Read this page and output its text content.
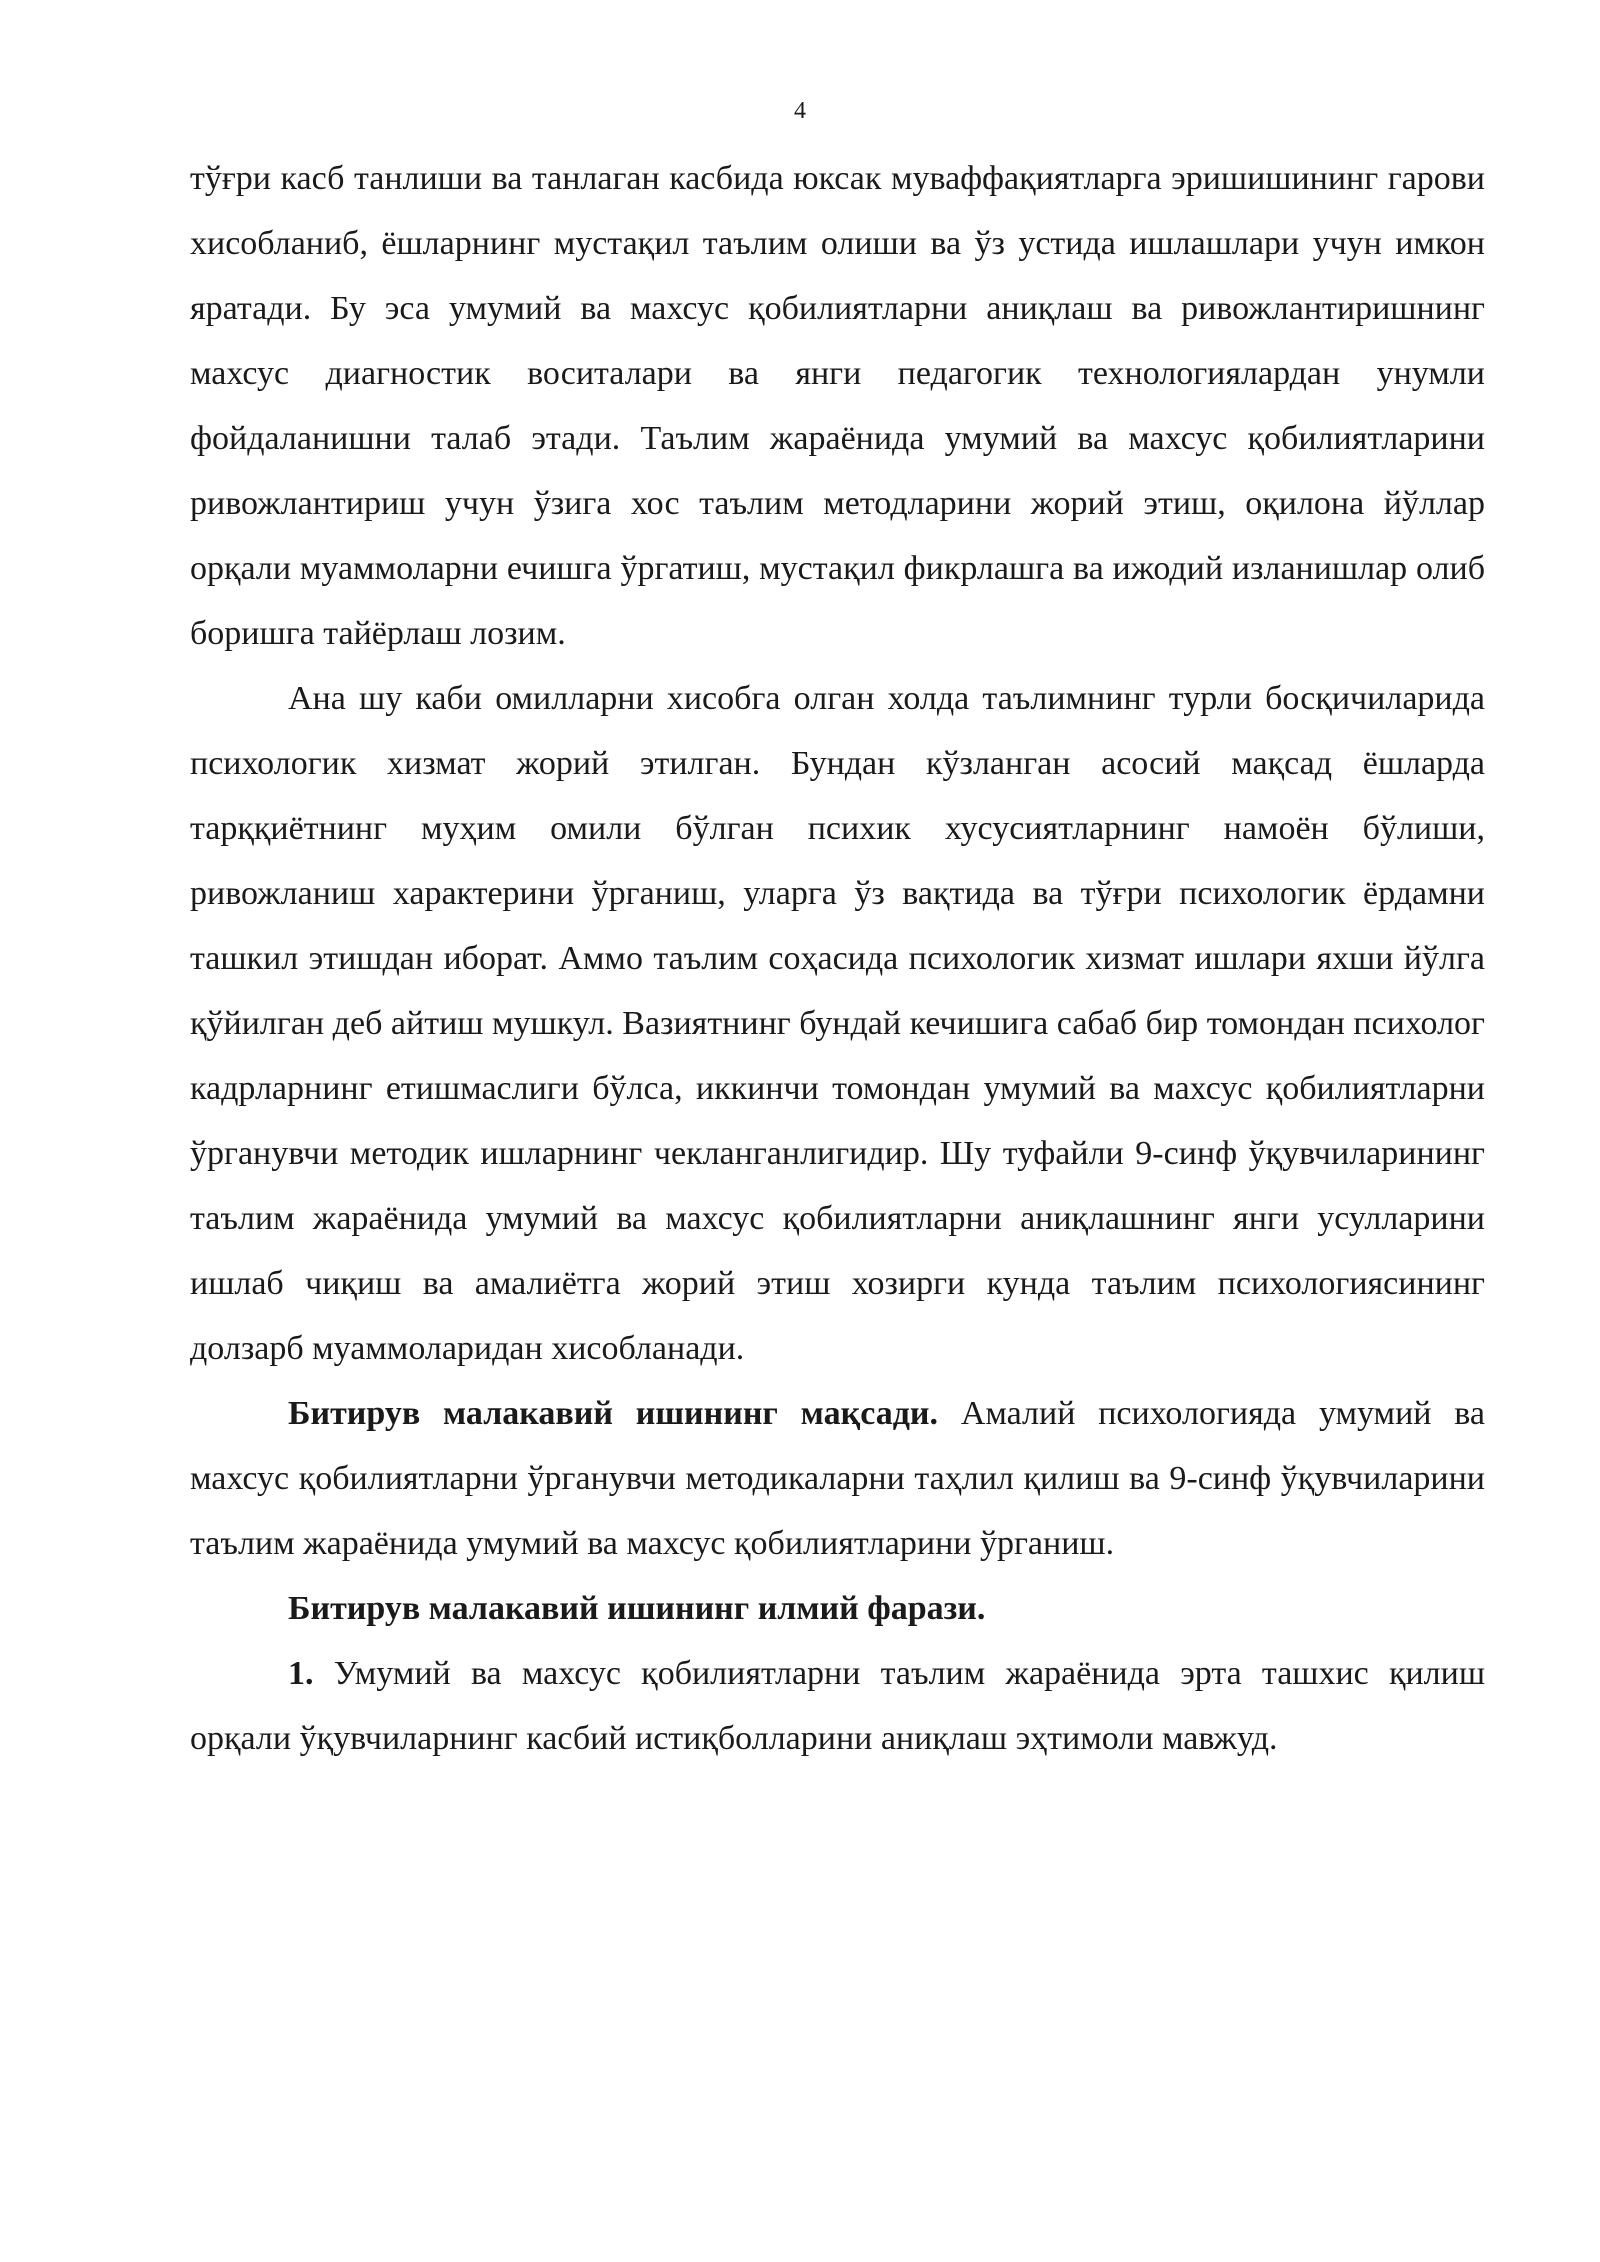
4

тўғри касб танлиши ва танлаган касбида юксак муваффақиятларга эришишининг гарови хисобланиб, ёшларнинг мустақил таълим олиши ва ўз устида ишлашлари учун имкон яратади. Бу эса умумий ва махсус қобилиятларни аниқлаш ва ривожлантиришнинг махсус диагностик воситалари ва янги педагогик технологиялардан унумли фойдаланишни талаб этади. Таълим жараёнида умумий ва махсус қобилиятларини ривожлантириш учун ўзига хос таълим методларини жорий этиш, оқилона йўллар орқали муаммоларни ечишга ўргатиш, мустақил фикрлашга ва ижодий изланишлар олиб боришга тайёрлаш лозим.

Ана шу каби омилларни хисобга олган холда таълимнинг турли босқичиларида психологик хизмат жорий этилган. Бундан кўзланган асосий мақсад ёшларда тарққиётнинг муҳим омили бўлган психик хусусиятларнинг намоён бўлиши, ривожланиш характерини ўрганиш, уларга ўз вақтида ва тўғри психологик ёрдамни ташкил этишдан иборат. Аммо таълим соҳасида психологик хизмат ишлари яхши йўлга қўйилган деб айтиш мушкул. Вазиятнинг бундай кечишига сабаб бир томондан психолог кадрларнинг етишмаслиги бўлса, иккинчи томондан умумий ва махсус қобилиятларни ўрганувчи методик ишларнинг чекланганлигидир. Шу туфайли 9-синф ўқувчиларининг таълим жараёнида умумий ва махсус қобилиятларни аниқлашнинг янги усулларини ишлаб чиқиш ва амалиётга жорий этиш хозирги кунда таълим психологиясининг долзарб муаммоларидан хисобланади.

Битирув малакавий ишининг мақсади. Амалий психологияда умумий ва махсус қобилиятларни ўрганувчи методикаларни таҳлил қилиш ва 9-синф ўқувчиларини таълим жараёнида умумий ва махсус қобилиятларини ўрганиш.

Битирув малакавий ишининг илмий фарази.

1. Умумий ва махсус қобилиятларни таълим жараёнида эрта ташхис қилиш орқали ўқувчиларнинг касбий истиқболларини аниқлаш эҳтимоли мавжуд.
